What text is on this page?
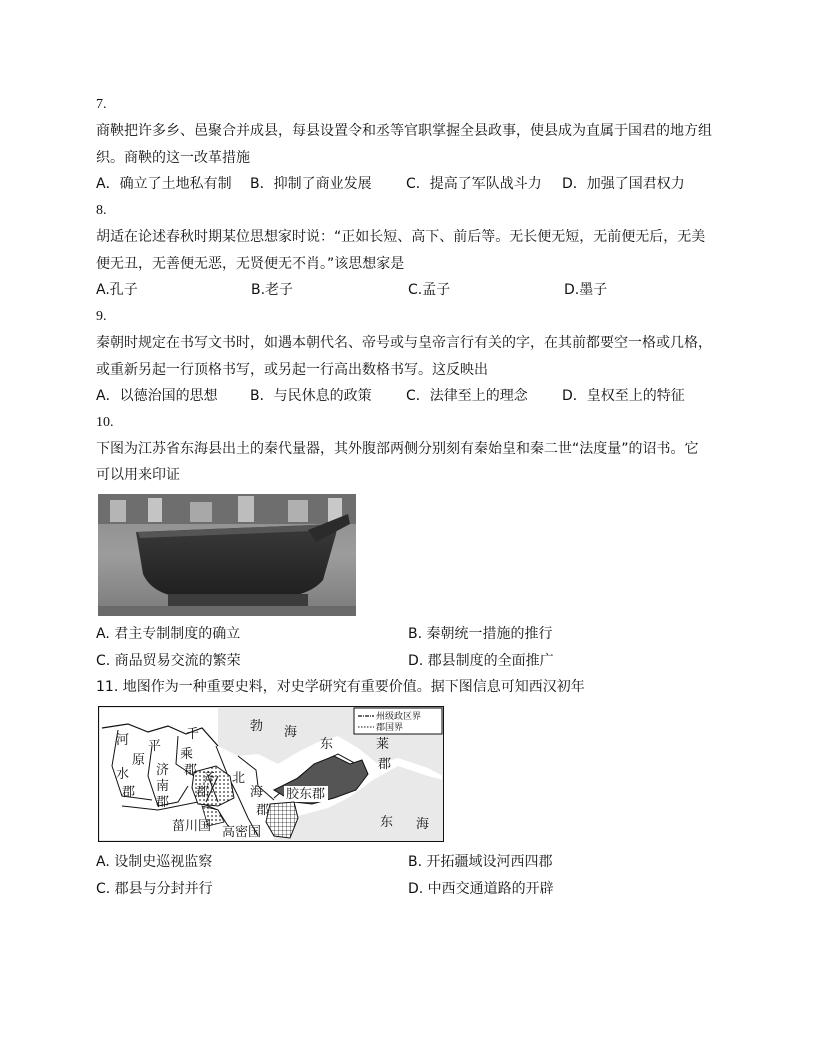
7.
商鞅把许多乡、邑聚合并成县，每县设置令和丞等官职掌握全县政事，使县成为直属于国君的地方组
织。商鞅的这一改革措施
A．确立了土地私有制 B．抑制了商业发展 C．提高了军队战斗力 D．加强了国君权力
8.
胡适在论述春秋时期某位思想家时说：“正如长短、高下、前后等。无长便无短，无前便无后，无美
便无丑，无善便无恶，无贤便无不肖。”该思想家是
A.孔子	B.老子	C.孟子	D.墨子
9.
秦朝时规定在书写文书时，如遇本朝代名、帝号或与皇帝言行有关的字，在其前都要空一格或几格，
或重新另起一行顶格书写，或另起一行高出数格书写。这反映出
A．以德治国的思想 B．与民休息的政策 C．法律至上的理念 D．皇权至上的特征
10.
下图为江苏省东海县出土的秦代量器，其外腹部两侧分别刻有秦始皇和秦二世“法度量”的诏书。它
可以用来印证
A. 君主专制制度的确立	B. 秦朝统一措施的推行
C. 商品贸易交流的繁荣	D. 郡县制度的全面推广
11. 地图作为一种重要史料，对史学研究有重要价值。据下图信息可知西汉初年
州级政区界
郡国界
河 平
原
水
郡
济
南
郡
千
乘
郡
齐
郡
北
海
郡
勃 海
东	莱
郡
胶东郡
菑川国 高密国
东 海
A. 设制史巡视监察	B. 开拓疆域设河西四郡
C. 郡县与分封并行	D. 中西交通道路的开辟
